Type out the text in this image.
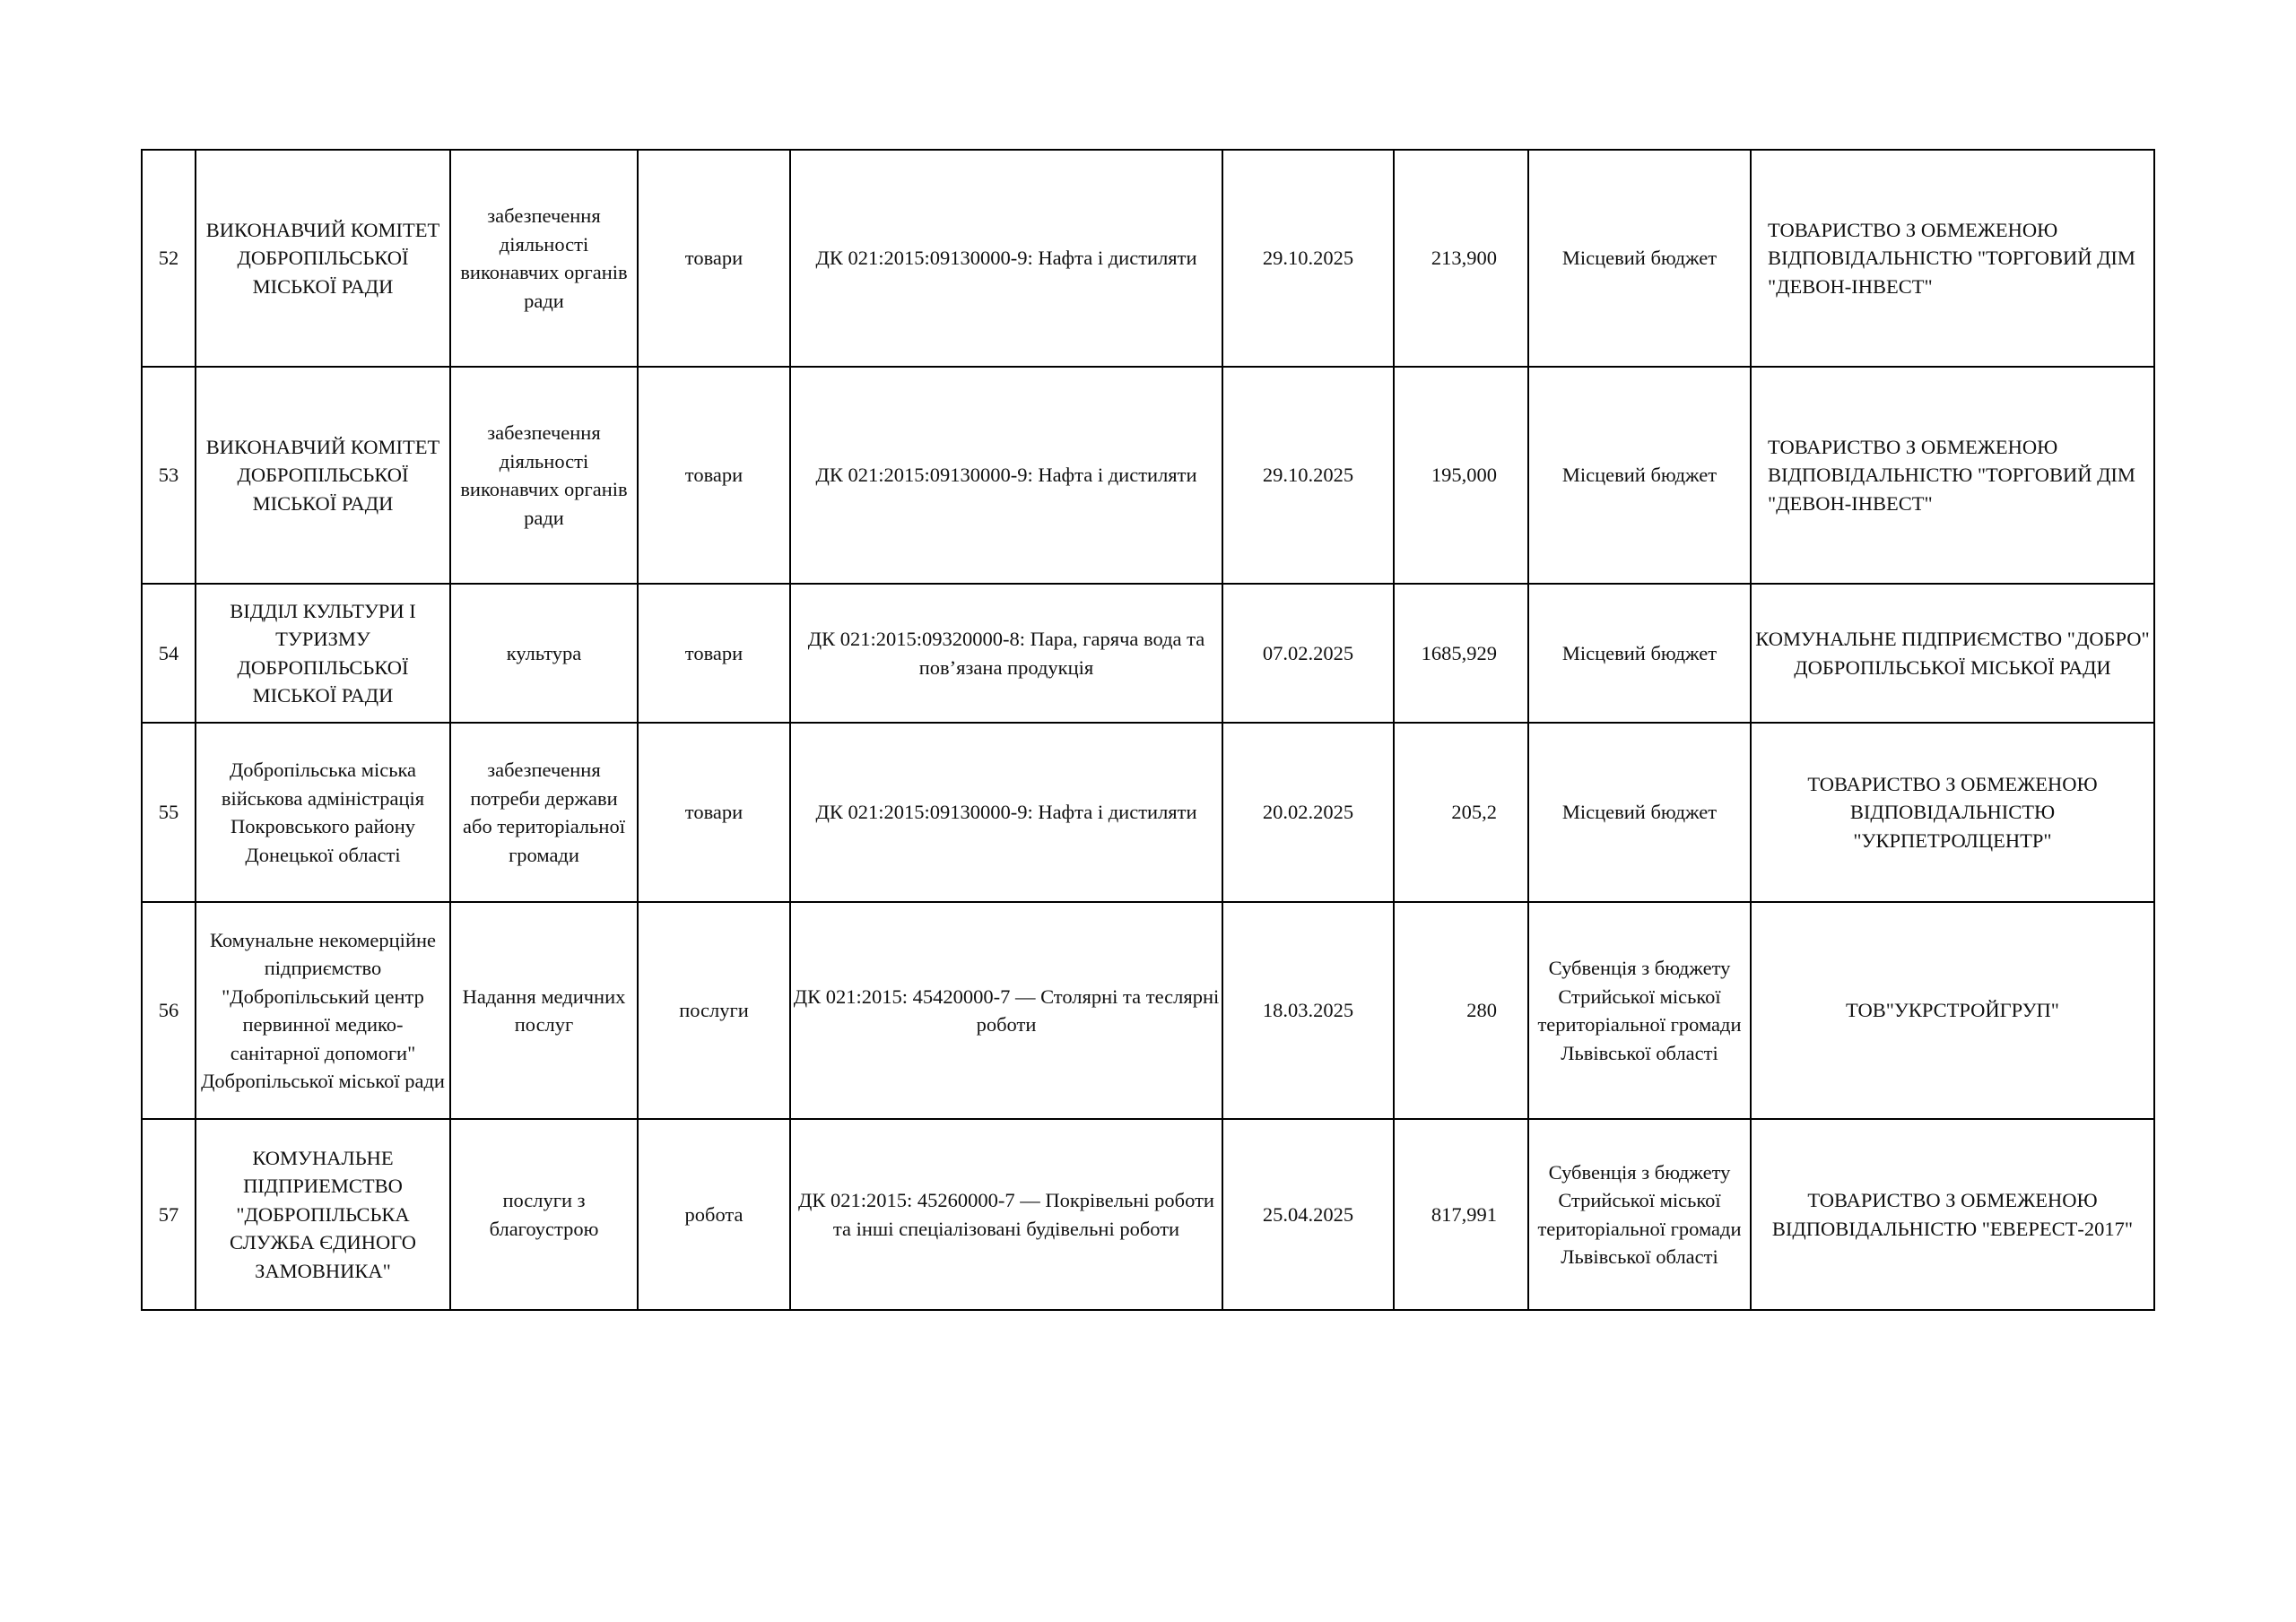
52	ВИКОНАВЧИЙ КОМІТЕТ ДОБРОПІЛЬСЬКОЇ МІСЬКОЇ РАДИ	забезпечення діяльності виконавчих органів ради	товари	ДК 021:2015:09130000-9: Нафта і дистиляти	29.10.2025	213,900	Місцевий бюджет	ТОВАРИСТВО З ОБМЕЖЕНОЮ ВІДПОВІДАЛЬНІСТЮ "ТОРГОВИЙ ДІМ "ДЕВОН-ІНВЕСТ"
53	ВИКОНАВЧИЙ КОМІТЕТ ДОБРОПІЛЬСЬКОЇ МІСЬКОЇ РАДИ	забезпечення діяльності виконавчих органів ради	товари	ДК 021:2015:09130000-9: Нафта і дистиляти	29.10.2025	195,000	Місцевий бюджет	ТОВАРИСТВО З ОБМЕЖЕНОЮ ВІДПОВІДАЛЬНІСТЮ "ТОРГОВИЙ ДІМ "ДЕВОН-ІНВЕСТ"
54	ВІДДІЛ КУЛЬТУРИ І ТУРИЗМУ ДОБРОПІЛЬСЬКОЇ МІСЬКОЇ РАДИ	культура	товари	ДК 021:2015:09320000-8: Пара, гаряча вода та пов’язана продукція	07.02.2025	1685,929	Місцевий бюджет	КОМУНАЛЬНЕ ПІДПРИЄМСТВО "ДОБРО" ДОБРОПІЛЬСЬКОЇ МІСЬКОЇ РАДИ
55	Добропільська міська військова адміністрація Покровського району Донецької області	забезпечення потреби держави або територіальної громади	товари	ДК 021:2015:09130000-9: Нафта і дистиляти	20.02.2025	205,2	Місцевий бюджет	ТОВАРИСТВО З ОБМЕЖЕНОЮ ВІДПОВІДАЛЬНІСТЮ "УКРПЕТРОЛЦЕНТР"
56	Комунальне некомерційне підприємство "Добропільський центр первинної медико-санітарної допомоги" Добропільської міської ради	Надання медичних послуг	послуги	ДК 021:2015: 45420000-7 — Столярні та теслярні роботи	18.03.2025	280	Субвенція з бюджету Стрийської міської територіальної громади Львівської області	ТОВ"УКРСТРОЙГРУП"
57	КОМУНАЛЬНЕ ПІДПРИЕМСТВО "ДОБРОПІЛЬСЬКА СЛУЖБА ЄДИНОГО ЗАМОВНИКА"	послуги з благоустрою	робота	ДК 021:2015: 45260000-7 — Покрівельні роботи та інші спеціалізовані будівельні роботи	25.04.2025	817,991	Субвенція з бюджету Стрийської міської територіальної громади Львівської області	ТОВАРИСТВО З ОБМЕЖЕНОЮ ВІДПОВІДАЛЬНІСТЮ "ЕВЕРЕСТ-2017"
